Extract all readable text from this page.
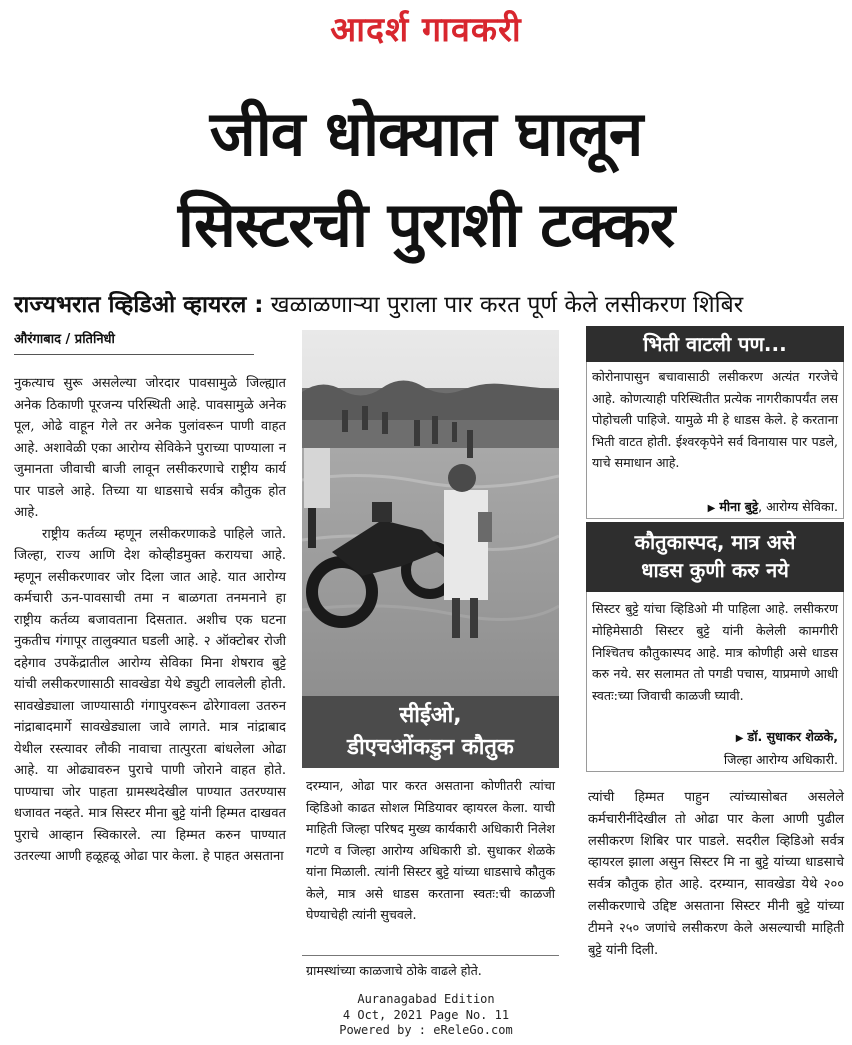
आदर्श गावकरी
जीव धोक्यात घालून
सिस्टरची पुराशी टक्कर
राज्यभरात व्हिडिओ व्हायरल : खळाळणाऱ्या पुराला पार करत पूर्ण केले लसीकरण शिबिर
औरंगाबाद / प्रतिनिधी

नुकत्याच सुरू असलेल्या जोरदार पावसामुळे जिल्ह्यात अनेक ठिकाणी पूरजन्य परिस्थिती आहे. पावसामुळे अनेक पूल, ओढे वाहून गेले तर अनेक पुलांवरून पाणी वाहत आहे. अशावेळी एका आरोग्य सेविकेने पुराच्या पाण्याला न जुमानता जीवाची बाजी लावून लसीकरणाचे राष्ट्रीय कार्य पार पाडले आहे. तिच्या या धाडसाचे सर्वत्र कौतुक होत आहे.

राष्ट्रीय कर्तव्य म्हणून लसीकरणाकडे पाहिले जाते. जिल्हा, राज्य आणि देश कोव्हीडमुक्त करायचा आहे. म्हणून लसीकरणावर जोर दिला जात आहे. यात आरोग्य कर्मचारी ऊन-पावसाची तमा न बाळगता तनमनाने हा राष्ट्रीय कर्तव्य बजावताना दिसतात. अशीच एक घटना नुकतीच गंगापूर तालुक्यात घडली आहे. २ ऑक्टोबर रोजी दहेगाव उपकेंद्रातील आरोग्य सेविका मिना शेषराव बुट्टे यांची लसीकरणासाठी सावखेडा येथे ड्युटी लावलेली होती. सावखेड्याला जाण्यासाठी गंगापुरवरून ढोरेगावला उतरुन नांद्राबादमार्गे सावखेड्याला जावे लागते. मात्र नांद्राबाद येथील रस्त्यावर लौकी नावाचा तात्पुरता बांधलेला ओढा आहे. या ओढ्यावरुन पुराचे पाणी जोराने वाहत होते. पाण्याचा जोर पाहता ग्रामस्थदेखील पाण्यात उतरण्यास धजावत नव्हते. मात्र सिस्टर मीना बुट्टे यांनी हिम्मत दाखवत पुराचे आव्हान स्विकारले. त्या हिम्मत करुन पाण्यात उतरल्या आणी हळूहळू ओढा पार केला. हे पाहत असताना

सीईओ,
डीएचओंकडुन कौतुक

दरम्यान, ओढा पार करत असताना कोणीतरी त्यांचा व्हिडिओ काढत सोशल मिडियावर व्हायरल केला. याची माहिती जिल्हा परिषद मुख्य कार्यकारी अधिकारी निलेश गटणे व जिल्हा आरोग्य अधिकारी डो. सुधाकर शेळके यांना मिळाली. त्यांनी सिस्टर बुट्टे यांच्या धाडसाचे कौतुक केले, मात्र असे धाडस करताना स्वतः:ची काळजी घेण्याचेही त्यांनी सुचवले.

ग्रामस्थांच्या काळजाचे ठोके वाढले होते.

भिती वाटली पण...
कोरोनापासुन बचावासाठी लसीकरण अत्यंत गरजेचे आहे. कोणत्याही परिस्थितीत प्रत्येक नागरीकापर्यंत लस पोहोचली पाहिजे. यामुळे मी हे धाडस केले. हे करताना भिती वाटत होती. ईश्वरकृपेने सर्व विनायास पार पडले, याचे समाधान आहे.
▶ मीना बुट्टे, आरोग्य सेविका.
कौतुकास्पद, मात्र असे
धाडस कुणी करु नये
सिस्टर बुट्टे यांचा व्हिडिओ मी पाहिला आहे. लसीकरण मोहिमेसाठी सिस्टर बुट्टे यांनी केलेली कामगीरी निश्चितच कौतुकास्पद आहे. मात्र कोणीही असे धाडस करु नये. सर सलामत तो पगडी पचास, याप्रमाणे आधी स्वतः:च्या जिवाची काळजी घ्यावी.
▶ डॉ. सुधाकर शेळके,
जिल्हा आरोग्य अधिकारी.

त्यांची हिम्मत पाहुन त्यांच्यासोबत असलेले कर्मचारीनींदेखील तो ओढा पार केला आणी पुढील लसीकरण शिबिर पार पाडले. सदरील व्हिडिओ सर्वत्र व्हायरल झाला असुन सिस्टर मि ना बुट्टे यांच्या धाडसाचे सर्वत्र कौतुक होत आहे. दरम्यान, सावखेडा येथे २०० लसीकरणाचे उद्दिष्ट असताना सिस्टर मीनी बुट्टे यांच्या टीमने २५० जणांचे लसीकरण केले असल्याची माहिती बुट्टे यांनी दिली.

Auranagabad Edition
4 Oct, 2021 Page No. 11
Powered by : eReleGo.com
